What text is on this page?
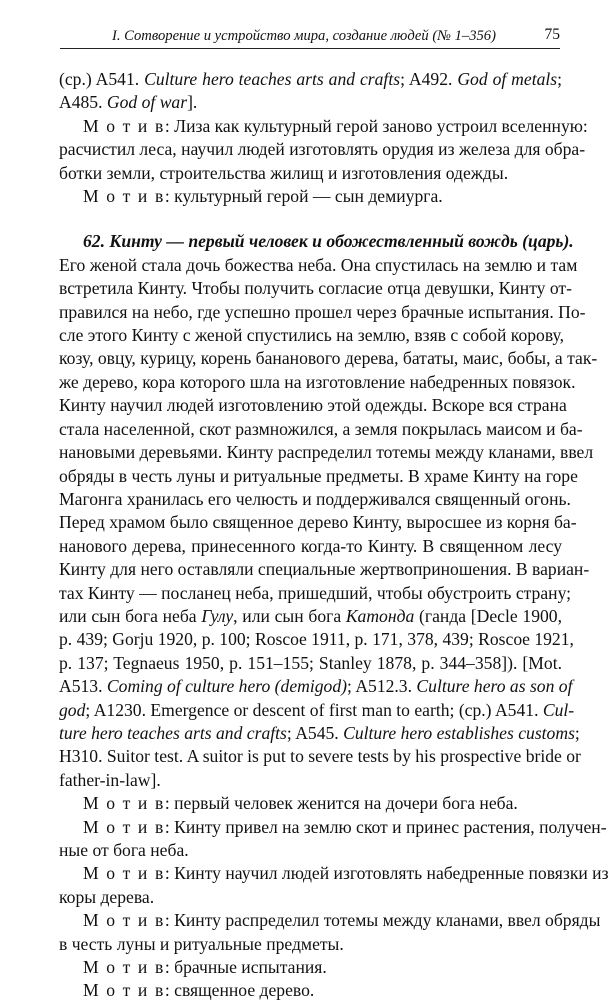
I. Сотворение и устройство мира, создание людей (№ 1–356)	75

(cp.) A541. Culture hero teaches arts and crafts; A492. God of metals;
A485. God of war].

М о т и в: Лиза как культурный герой заново устроил вселенную:
расчистил леса, научил людей изготовлять орудия из железа для обра-
ботки земли, строительства жилищ и изготовления одежды.

М о т и в: культурный герой — сын демиурга.

62. Кинту — первый человек и обожествленный вождь (царь).
Его женой стала дочь божества неба. Она спустилась на землю и там
встретила Кинту. Чтобы получить согласие отца девушки, Кинту от-
правился на небо, где успешно прошел через брачные испытания. По-
сле этого Кинту с женой спустились на землю, взяв с собой корову,
козу, овцу, курицу, корень бананового дерева, бататы, маис, бобы, а так-
же дерево, кора которого шла на изготовление набедренных повязок.
Кинту научил людей изготовлению этой одежды. Вскоре вся страна
стала населенной, скот размножился, а земля покрылась маисом и ба-
нановыми деревьями. Кинту распределил тотемы между кланами, ввел
обряды в честь луны и ритуальные предметы. В храме Кинту на горе
Магонга хранилась его челюсть и поддерживался священный огонь.
Перед храмом было священное дерево Кинту, выросшее из корня ба-
нанового дерева, принесенного когда-то Кинту. В священном лесу
Кинту для него оставляли специальные жертвоприношения. В вариан-
тах Кинту — посланец неба, пришедший, чтобы обустроить страну;
или сын бога неба Гулу, или сын бога Катонда (ганда [Decle 1900,
p. 439; Gorju 1920, p. 100; Roscoe 1911, p. 171, 378, 439; Roscoe 1921,
p. 137; Tegnaeus 1950, p. 151–155; Stanley 1878, p. 344–358]). [Mot.
A513. Coming of culture hero (demigod); A512.3. Culture hero as son of
god; A1230. Emergence or descent of first man to earth; (cp.) A541. Cul-
ture hero teaches arts and crafts; A545. Culture hero establishes customs;
H310. Suitor test. A suitor is put to severe tests by his prospective bride or
father-in-law].

М о т и в: первый человек женится на дочери бога неба.

М о т и в: Кинту привел на землю скот и принес растения, получен-
ные от бога неба.

М о т и в: Кинту научил людей изготовлять набедренные повязки из
коры дерева.

М о т и в: Кинту распределил тотемы между кланами, ввел обряды
в честь луны и ритуальные предметы.

М о т и в: брачные испытания.

М о т и в: священное дерево.
